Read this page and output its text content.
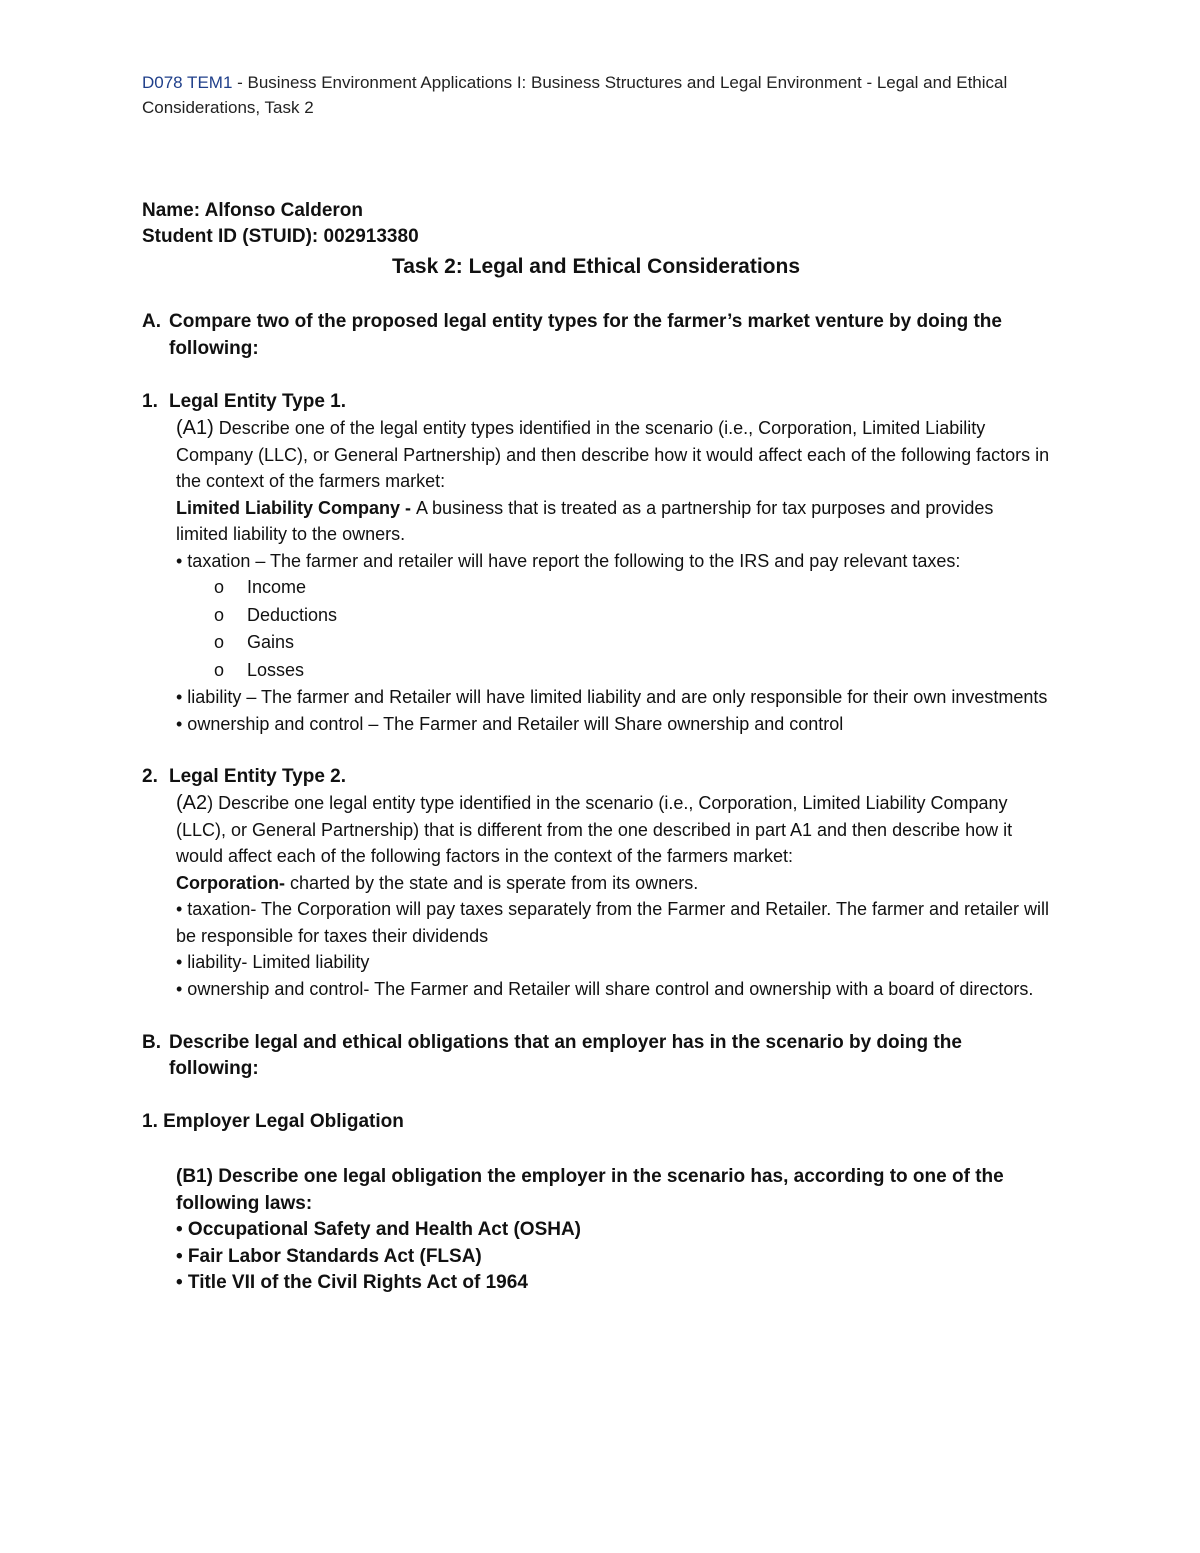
D078 TEM1 - Business Environment Applications I: Business Structures and Legal Environment - Legal and Ethical Considerations, Task 2
Name: Alfonso Calderon
Student ID (STUID): 002913380
Task 2: Legal and Ethical Considerations
A. Compare two of the proposed legal entity types for the farmer’s market venture by doing the following:
1. Legal Entity Type 1.

(A1) Describe one of the legal entity types identified in the scenario (i.e., Corporation, Limited Liability Company (LLC), or General Partnership) and then describe how it would affect each of the following factors in the context of the farmers market:

Limited Liability Company - A business that is treated as a partnership for tax purposes and provides limited liability to the owners.

• taxation – The farmer and retailer will have report the following to the IRS and pay relevant taxes:

o	Income
o	Deductions
o	Gains
o	Losses

• liability – The farmer and Retailer will have limited liability and are only responsible for their own investments

• ownership and control – The Farmer and Retailer will Share ownership and control

2. Legal Entity Type 2.

(A2) Describe one legal entity type identified in the scenario (i.e., Corporation, Limited Liability Company (LLC), or General Partnership) that is different from the one described in part A1 and then describe how it would affect each of the following factors in the context of the farmers market:

Corporation- charted by the state and is sperate from its owners.

• taxation- The Corporation will pay taxes separately from the Farmer and Retailer. The farmer and retailer will be responsible for taxes their dividends

• liability- Limited liability

• ownership and control- The Farmer and Retailer will share control and ownership with a board of directors.

B. Describe legal and ethical obligations that an employer has in the scenario by doing the following:
1. Employer Legal Obligation

(B1) Describe one legal obligation the employer in the scenario has, according to one of the following laws:

• Occupational Safety and Health Act (OSHA)

• Fair Labor Standards Act (FLSA)

• Title VII of the Civil Rights Act of 1964
